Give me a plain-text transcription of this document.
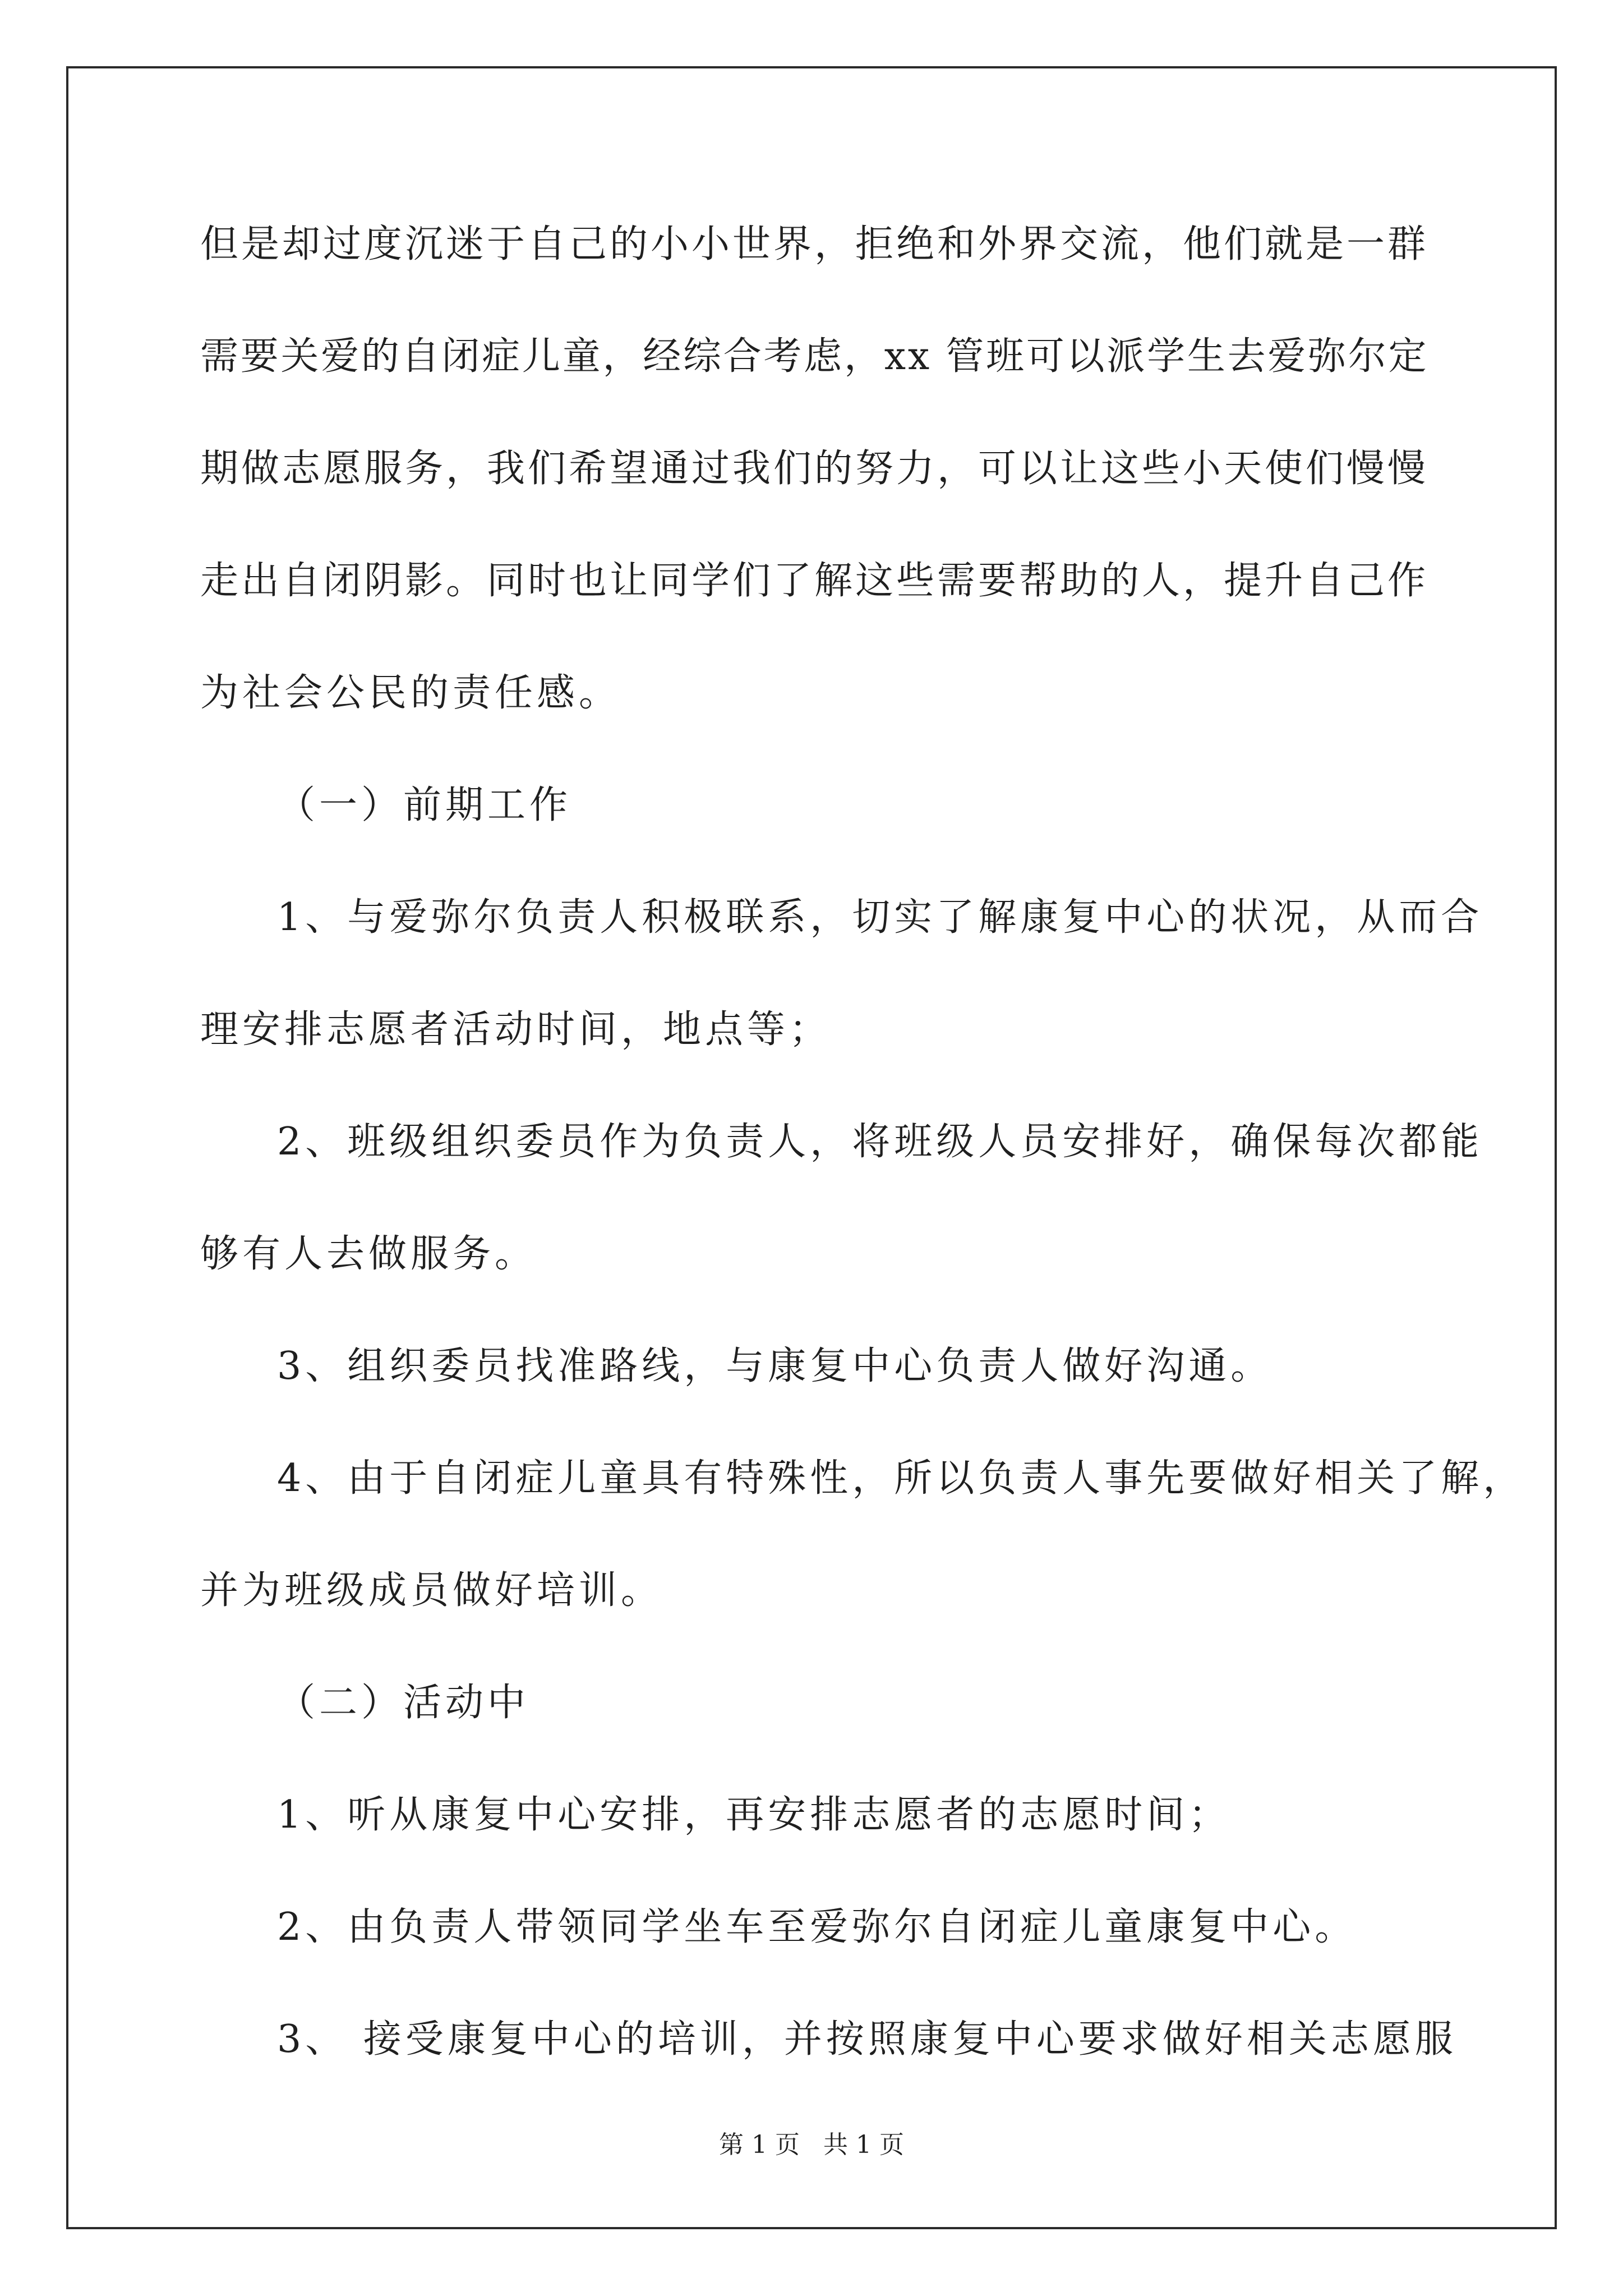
但是却过度沉迷于自己的小小世界，拒绝和外界交流，他们就是一群
需要关爱的自闭症儿童，经综合考虑，xx 管班可以派学生去爱弥尔定
期做志愿服务，我们希望通过我们的努力，可以让这些小天使们慢慢
走出自闭阴影。同时也让同学们了解这些需要帮助的人，提升自己作
为社会公民的责任感。
（一）前期工作
1、与爱弥尔负责人积极联系，切实了解康复中心的状况，从而合
理安排志愿者活动时间，地点等；
2、班级组织委员作为负责人，将班级人员安排好，确保每次都能
够有人去做服务。
3、组织委员找准路线，与康复中心负责人做好沟通。
4、由于自闭症儿童具有特殊性，所以负责人事先要做好相关了解，
并为班级成员做好培训。
（二）活动中
1、听从康复中心安排，再安排志愿者的志愿时间；
2、由负责人带领同学坐车至爱弥尔自闭症儿童康复中心。
3、 接受康复中心的培训，并按照康复中心要求做好相关志愿服
第 1 页 共 1 页
